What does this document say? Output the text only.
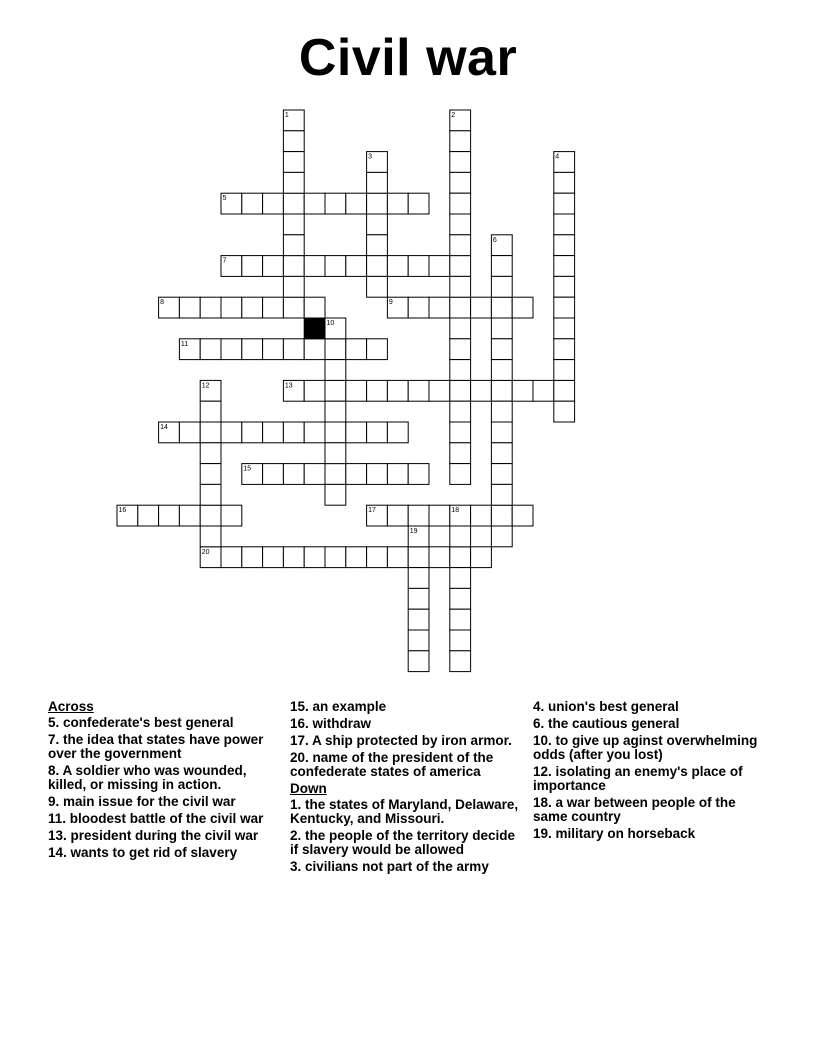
Civil war
5
7
8	9
11
13
14
15
16	17
20
1	2
3	4
6
10
12
18
19
Across
5. confederate's best general
7. the idea that states have power over the government
8. A soldier who was wounded, killed, or missing in action.
9. main issue for the civil war
11. bloodest battle of the civil war
13. president during the civil war
14. wants to get rid of slavery
15. an example
16. withdraw
17. A ship protected by iron armor.
20. name of the president of the confederate states of america
Down
1. the states of Maryland, Delaware, Kentucky, and Missouri.
2. the people of the territory decide if slavery would be allowed
3. civilians not part of the army
4. union's best general
6. the cautious general
10. to give up aginst overwhelming odds (after you lost)
12. isolating an enemy's place of importance
18. a war between people of the same country
19. military on horseback
